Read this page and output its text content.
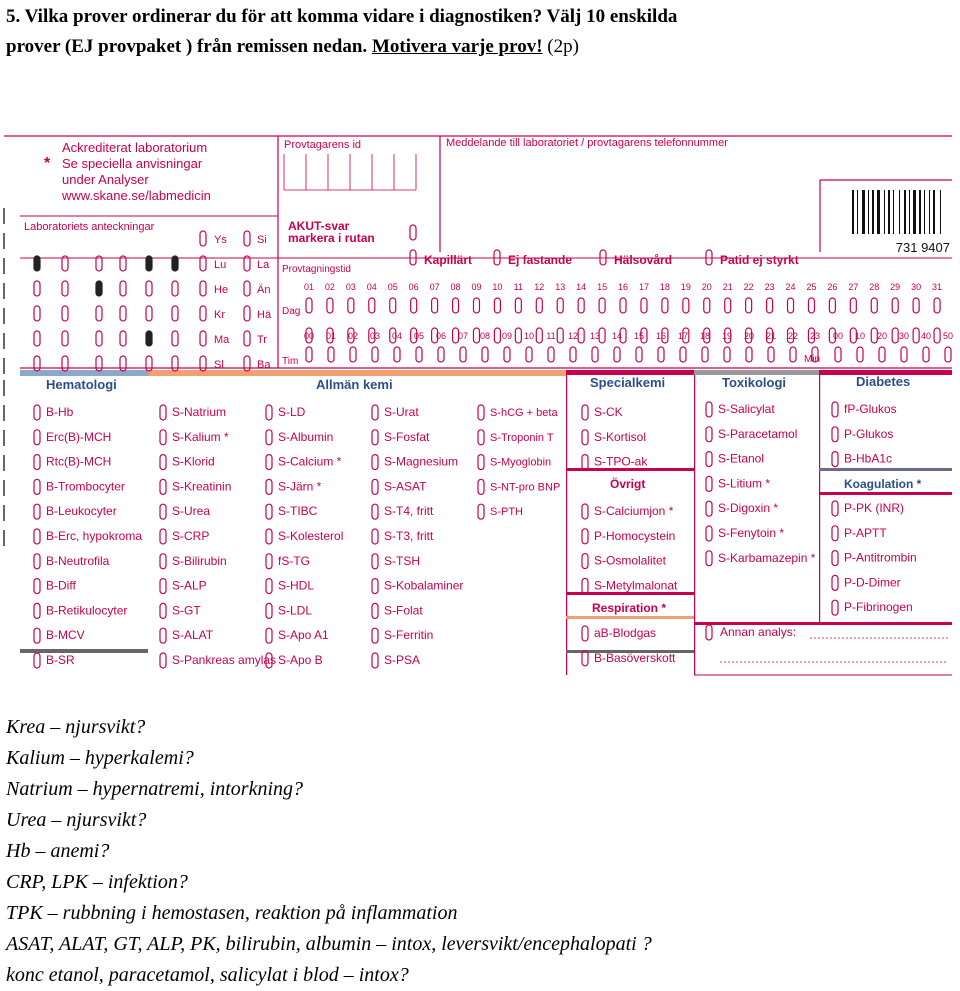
5. Vilka prover ordinerar du för att komma vidare i diagnostiken? Välj 10 enskilda
prover (EJ provpaket ) från remissen nedan. Motivera varje prov! (2p)
731 9407
Ackrediterat laboratorium
Se speciella anvisningar
under Analyser
www.skane.se/labmedicin
*
Laboratoriets anteckningar
Provtagarens id	Meddelande till laboratoriet / provtagarens telefonnummer
AKUT-svar
markera i rutan
Provtagningstid
Dag
Tim	Min
Kapillärt	Ej fastande	Hälsovård	Patid ej styrkt
Ys	Si
Lu	La
He	Än
Kr	Hä
Ma	Tr
Sl	Ba
01 02 03 04 05 06 07 08 09 10 11 12 13 14 15 16 17 18 19 20 21 22 23 24 25 26 27 28 29 30 31
00 01 02 03 04 05 06 07 08 09 10 11 12 13 14 15 16 17 18 19 20 21 22 23 00 10 20 30 40 50
Hematologi	Allmän kemi	Specialkemi	Toxikologi	Diabetes
B-Hb
Erc(B)-MCH
Rtc(B)-MCH
B-Trombocyter
B-Leukocyter
B-Erc, hypokroma
B-Neutrofila
B-Diff
B-Retikulocyter
B-MCV
B-SR
S-Natrium
S-Kalium *
S-Klorid
S-Kreatinin
S-Urea
S-CRP
S-Bilirubin
S-ALP
S-GT
S-ALAT
S-Pankreas amylas
S-LD
S-Albumin
S-Calcium *
S-Järn *
S-TIBC
S-Kolesterol
fS-TG
S-HDL
S-LDL
S-Apo A1
S-Apo B
S-Urat
S-Fosfat
S-Magnesium
S-ASAT
S-T4, fritt
S-T3, fritt
S-TSH
S-Kobalaminer
S-Folat
S-Ferritin
S-PSA
S-hCG + beta
S-Troponin T
S-Myoglobin
S-NT-pro BNP
S-PTH
S-CK
S-Kortisol
S-TPO-ak
Övrigt
S-Calciumjon *
P-Homocystein
S-Osmolalitet
S-Metylmalonat
Respiration *
aB-Blodgas
B-Basöverskott
S-Salicylat
S-Paracetamol
S-Etanol
S-Litium *
S-Digoxin *
S-Fenytoin *
S-Karbamazepin *
fP-Glukos
P-Glukos
B-HbA1c
Koagulation *
P-PK (INR)
P-APTT
P-Antitrombin
P-D-Dimer
P-Fibrinogen
Annan analys:
Krea – njursvikt?
Kalium – hyperkalemi?
Natrium – hypernatremi, intorkning?
Urea – njursvikt?
Hb – anemi?
CRP, LPK – infektion?
TPK – rubbning i hemostasen, reaktion på inflammation
ASAT, ALAT, GT, ALP, PK, bilirubin, albumin – intox, leversvikt/encephalopati ?
konc etanol, paracetamol, salicylat i blod – intox?
